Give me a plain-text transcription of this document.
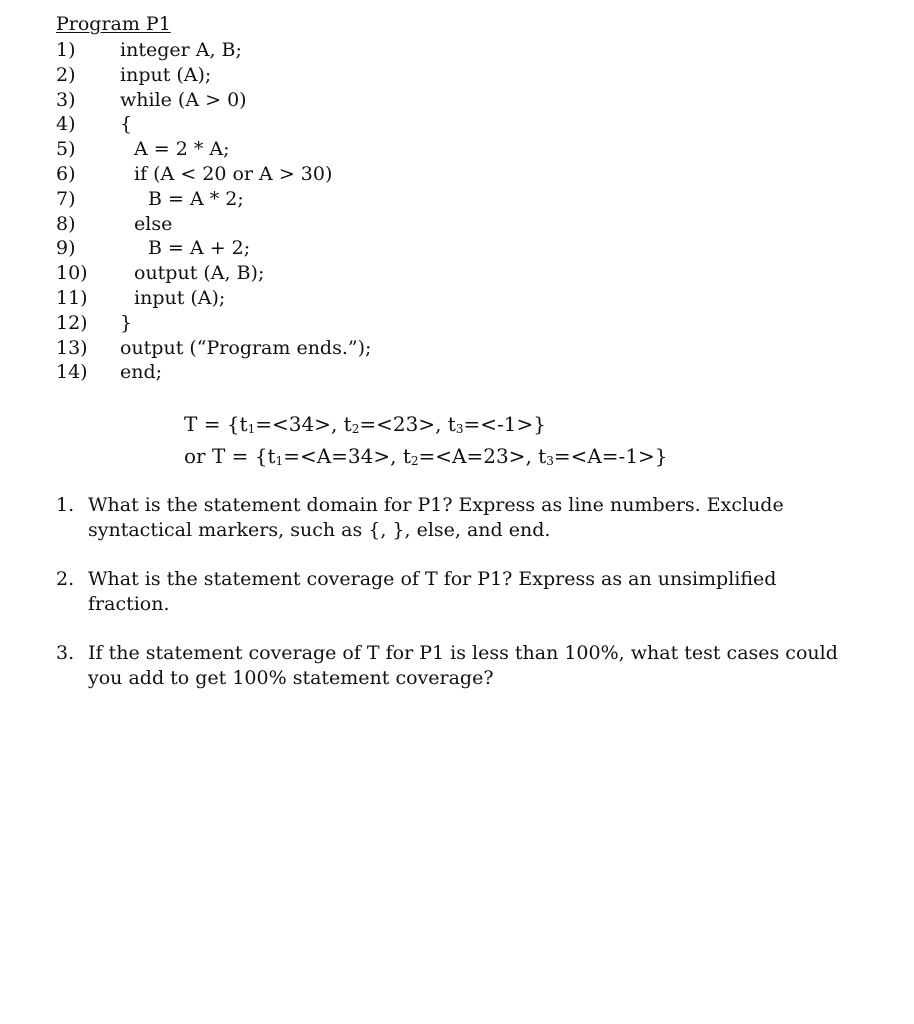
Program P1
1)	integer A, B;
2)	input (A);
3)	while (A > 0)
4)	{
5)	A = 2 * A;
6)	if (A < 20 or A > 30)
7)	B = A * 2;
8)	else
9)	B = A + 2;
10)	output (A, B);
11)	input (A);
12)	}
13)	output (“Program ends.”);
14)	end;
$T = \{t_1=<34>$, $t_2=<23>$, $t_3=<-1>$}
or $T = \{t_1=<A=34>$, $t_2=<A=23>$, $t_3=<A=-1>$}
1. What is the statement domain for P1? Express as line numbers. Exclude syntactical markers, such as {, }, else, and end.
2. What is the statement coverage of T for P1? Express as an unsimplified fraction.
3. If the statement coverage of T for P1 is less than 100%, what test cases could you add to get 100% statement coverage?
